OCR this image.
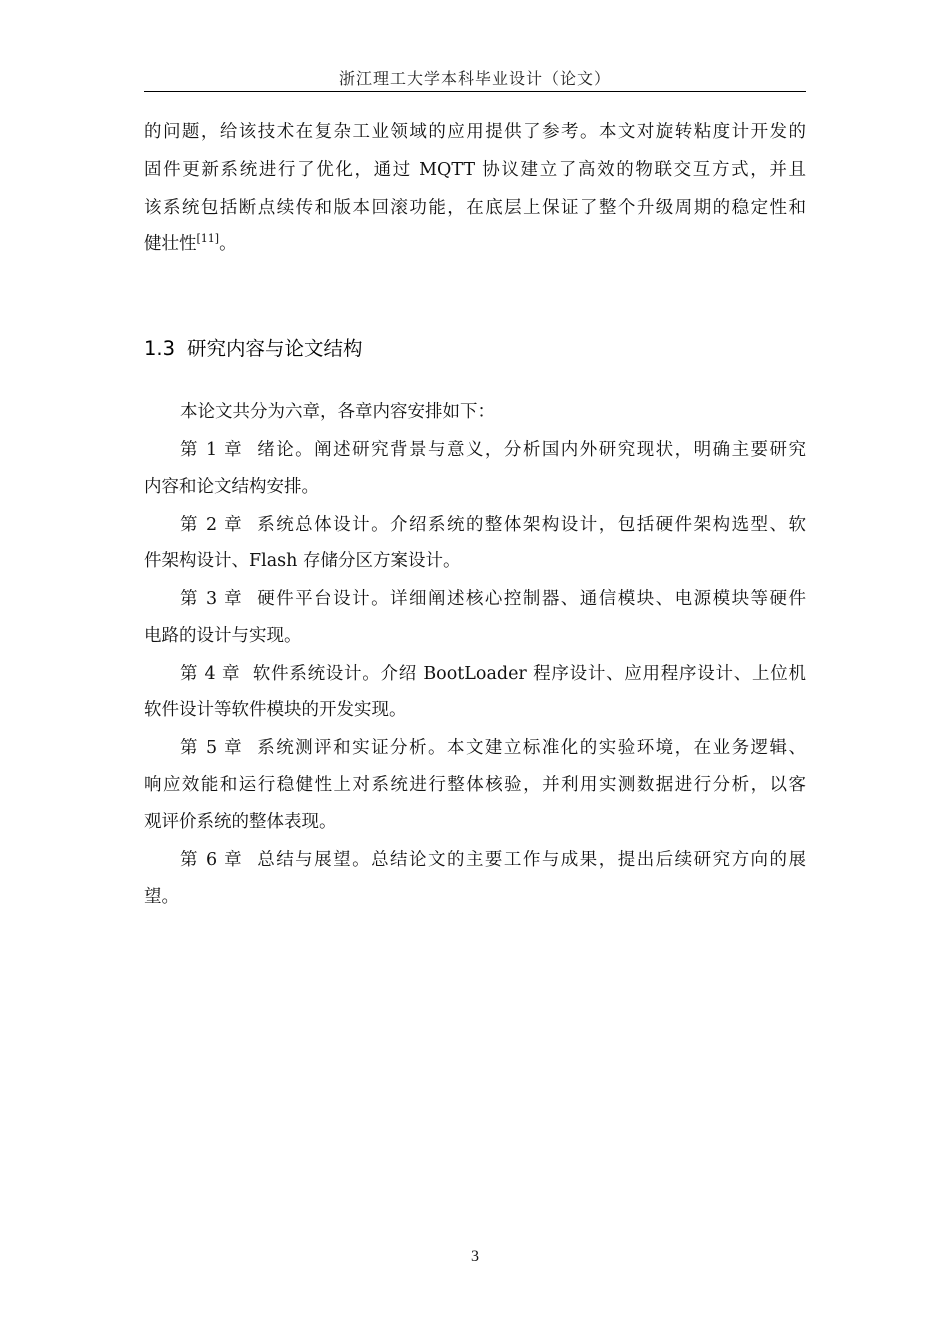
浙江理工大学本科毕业设计（论文）
的问题，给该技术在复杂工业领域的应用提供了参考。本文对旋转粘度计开发的
固件更新系统进行了优化，通过 MQTT 协议建立了高效的物联交互方式，并且
该系统包括断点续传和版本回滚功能，在底层上保证了整个升级周期的稳定性和
健壮性[11]。
1.3 研究内容与论文结构
本论文共分为六章，各章内容安排如下：
第 1 章 绪论。阐述研究背景与意义，分析国内外研究现状，明确主要研究
内容和论文结构安排。
第 2 章 系统总体设计。介绍系统的整体架构设计，包括硬件架构选型、软
件架构设计、Flash 存储分区方案设计。
第 3 章 硬件平台设计。详细阐述核心控制器、通信模块、电源模块等硬件
电路的设计与实现。
第 4 章 软件系统设计。介绍 BootLoader 程序设计、应用程序设计、上位机
软件设计等软件模块的开发实现。
第 5 章 系统测评和实证分析。本文建立标准化的实验环境，在业务逻辑、
响应效能和运行稳健性上对系统进行整体核验，并利用实测数据进行分析，以客
观评价系统的整体表现。
第 6 章 总结与展望。总结论文的主要工作与成果，提出后续研究方向的展
望。
3
